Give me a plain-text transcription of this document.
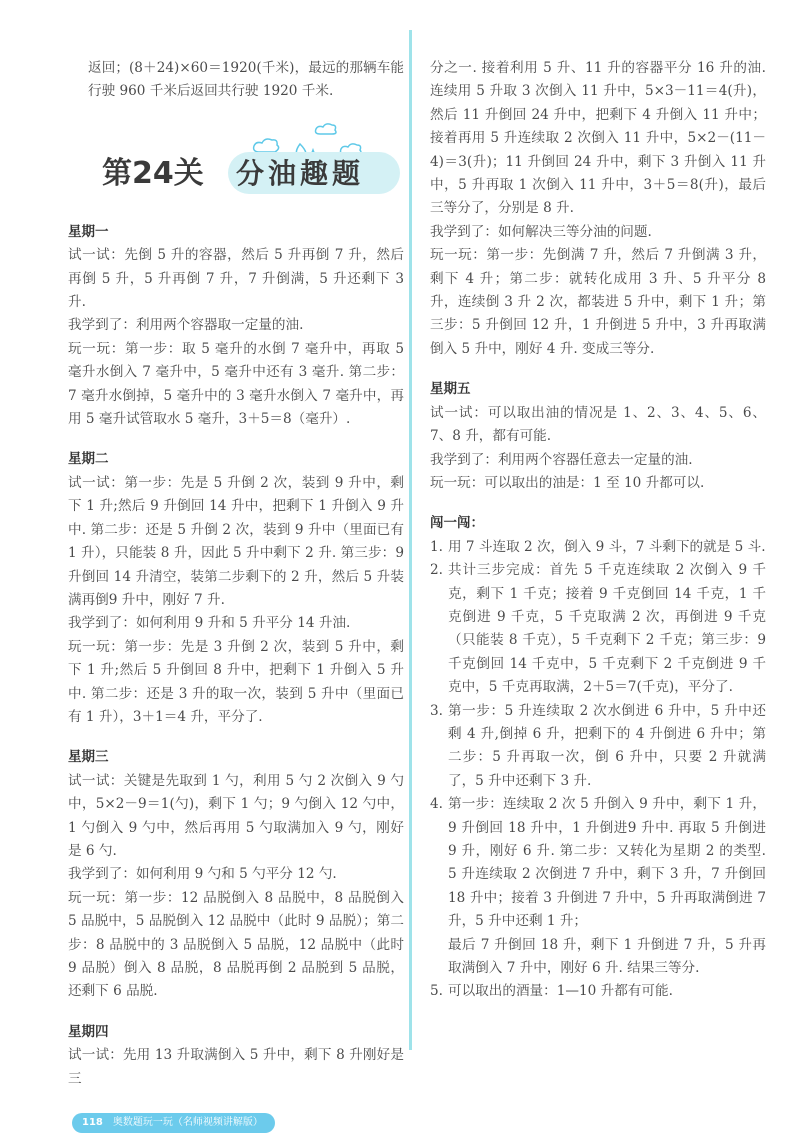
返回；(8＋24)×60＝1920(千米)，最远的那辆车能行驶 960 千米后返回共行驶 1920 千米.

第24关 分油趣题

星期一

试一试：先倒 5 升的容器，然后 5 升再倒 7 升，然后再倒 5 升，5 升再倒 7 升，7 升倒满，5 升还剩下 3 升.

我学到了：利用两个容器取一定量的油.

玩一玩：第一步：取 5 毫升的水倒 7 毫升中，再取 5 毫升水倒入 7 毫升中，5 毫升中还有 3 毫升. 第二步：7 毫升水倒掉，5 毫升中的 3 毫升水倒入 7 毫升中，再用 5 毫升试管取水 5 毫升，3＋5＝8（毫升）.

星期二

试一试：第一步：先是 5 升倒 2 次，装到 9 升中，剩下 1 升;然后 9 升倒回 14 升中，把剩下 1 升倒入 9 升中. 第二步：还是 5 升倒 2 次，装到 9 升中（里面已有 1 升），只能装 8 升，因此 5 升中剩下 2 升. 第三步：9 升倒回 14 升清空，装第二步剩下的 2 升，然后 5 升装满再倒9 升中，刚好 7 升.

我学到了：如何利用 9 升和 5 升平分 14 升油.

玩一玩：第一步：先是 3 升倒 2 次，装到 5 升中，剩下 1 升;然后 5 升倒回 8 升中，把剩下 1 升倒入 5 升中. 第二步：还是 3 升的取一次，装到 5 升中（里面已有 1 升），3＋1＝4 升，平分了.

星期三

试一试：关键是先取到 1 勺，利用 5 勺 2 次倒入 9 勺中，5×2－9＝1(勺)，剩下 1 勺；9 勺倒入 12 勺中，1 勺倒入 9 勺中，然后再用 5 勺取满加入 9 勺，刚好是 6 勺.

我学到了：如何利用 9 勺和 5 勺平分 12 勺.

玩一玩：第一步：12 品脱倒入 8 品脱中，8 品脱倒入 5 品脱中，5 品脱倒入 12 品脱中（此时 9 品脱）；第二步：8 品脱中的 3 品脱倒入 5 品脱，12 品脱中（此时 9 品脱）倒入 8 品脱，8 品脱再倒 2 品脱到 5 品脱，还剩下 6 品脱.

星期四

试一试：先用 13 升取满倒入 5 升中，剩下 8 升刚好是三

分之一. 接着利用 5 升、11 升的容器平分 16 升的油. 连续用 5 升取 3 次倒入 11 升中，5×3－11＝4(升)，然后 11 升倒回 24 升中，把剩下 4 升倒入 11 升中；接着再用 5 升连续取 2 次倒入 11 升中，5×2－(11－4)＝3(升)；11 升倒回 24 升中，剩下 3 升倒入 11 升中，5 升再取 1 次倒入 11 升中，3＋5＝8(升)，最后三等分了，分别是 8 升.

我学到了：如何解决三等分油的问题.

玩一玩：第一步：先倒满 7 升，然后 7 升倒满 3 升，剩下 4 升；第二步：就转化成用 3 升、5 升平分 8 升，连续倒 3 升 2 次，都装进 5 升中，剩下 1 升；第三步：5 升倒回 12 升，1 升倒进 5 升中，3 升再取满倒入 5 升中，刚好 4 升. 变成三等分.

星期五

试一试：可以取出油的情况是 1、2、3、4、5、6、7、8 升，都有可能.

我学到了：利用两个容器任意去一定量的油.

玩一玩：可以取出的油是：1 至 10 升都可以.

闯一闯：

1. 用 7 斗连取 2 次，倒入 9 斗，7 斗剩下的就是 5 斗.
2. 共计三步完成：首先 5 千克连续取 2 次倒入 9 千克，剩下 1 千克；接着 9 千克倒回 14 千克，1 千克倒进 9 千克，5 千克取满 2 次，再倒进 9 千克（只能装 8 千克），5 千克剩下 2 千克；第三步：9 千克倒回 14 千克中，5 千克剩下 2 千克倒进 9 千克中，5 千克再取满，2＋5＝7(千克)，平分了.
3. 第一步：5 升连续取 2 次水倒进 6 升中，5 升中还剩 4 升,倒掉 6 升，把剩下的 4 升倒进 6 升中；第二步：5 升再取一次，倒 6 升中，只要 2 升就满了，5 升中还剩下 3 升.
4. 第一步：连续取 2 次 5 升倒入 9 升中，剩下 1 升，9 升倒回 18 升中，1 升倒进9 升中. 再取 5 升倒进 9 升，刚好 6 升. 第二步：又转化为星期 2 的类型. 5 升连续取 2 次倒进 7 升中，剩下 3 升，7 升倒回 18 升中；接着 3 升倒进 7 升中，5 升再取满倒进 7 升，5 升中还剩 1 升；
最后 7 升倒回 18 升，剩下 1 升倒进 7 升，5 升再取满倒入 7 升中，刚好 6 升. 结果三等分.
5. 可以取出的酒量：1—10 升都有可能.
118 奥数题玩一玩（名师视频讲解版）
